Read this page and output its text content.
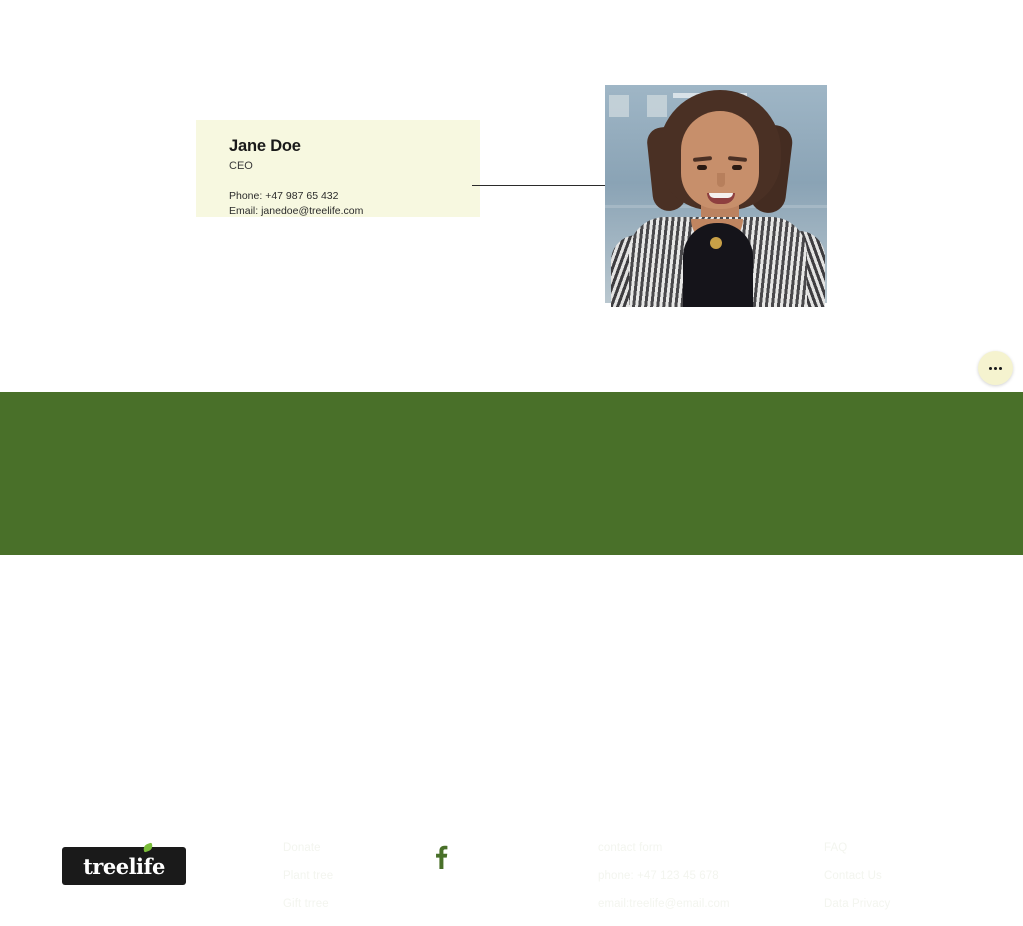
Jane Doe
CEO
Phone: +47 987 65 432
Email: janedoe@treelife.com
treelife
Trees
Donate
Plant tree
Gift trree
Sosial media	Contact
contact form
phone: +47 123 45 678
email:treelife@email.com
Help
FAQ
Contact Us
Data Privacy
